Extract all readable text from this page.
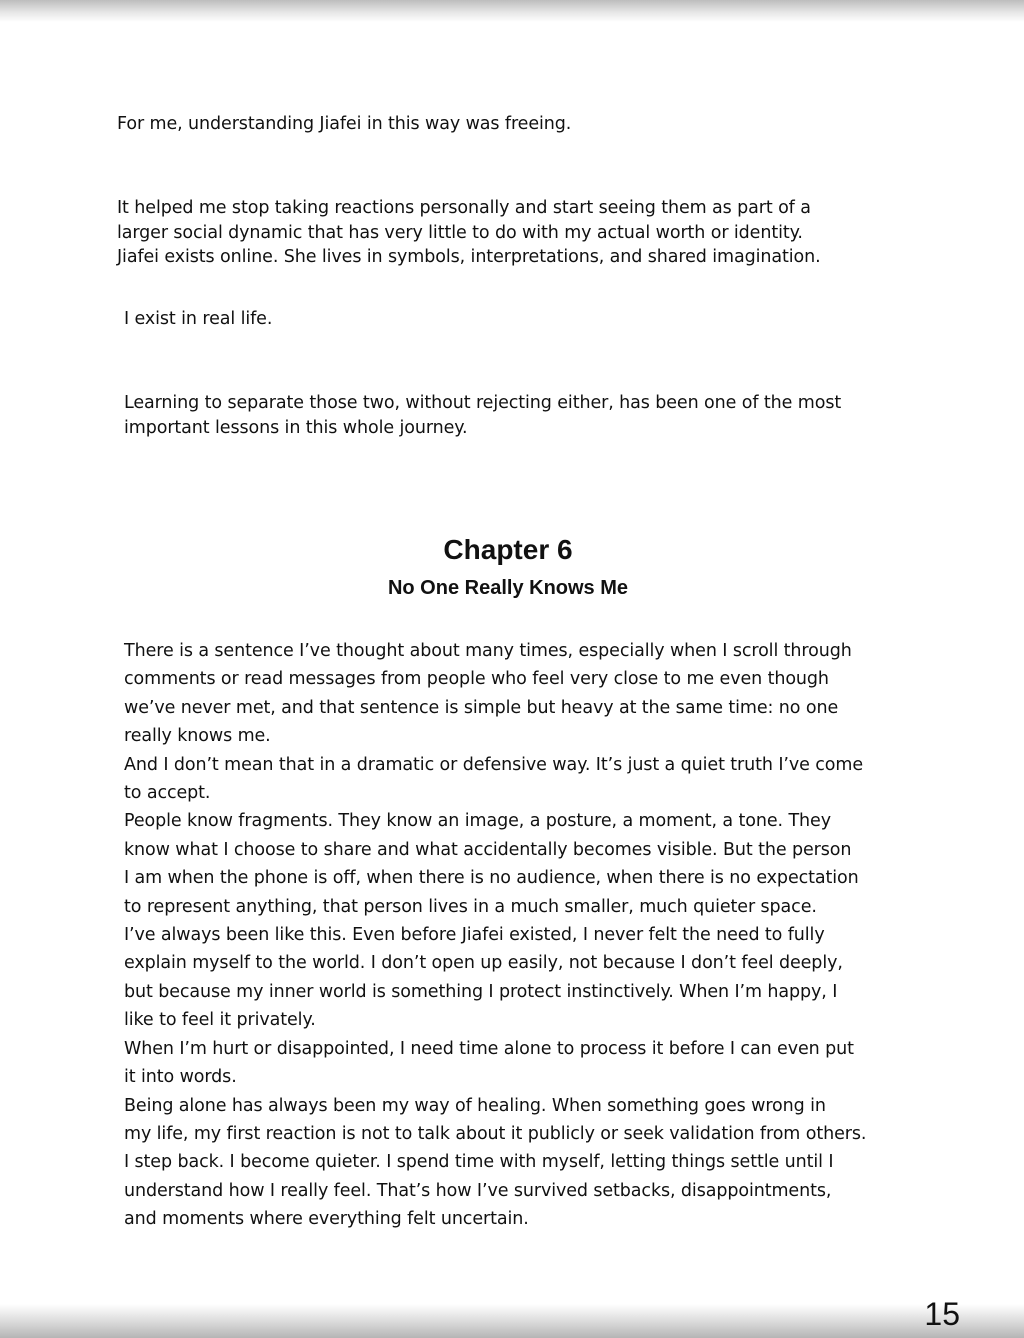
For me, understanding Jiafei in this way was freeing.

It helped me stop taking reactions personally and start seeing them as part of a
larger social dynamic that has very little to do with my actual worth or identity.
Jiafei exists online. She lives in symbols, interpretations, and shared imagination.

I exist in real life.

Learning to separate those two, without rejecting either, has been one of the most
important lessons in this whole journey.

Chapter 6
No One Really Knows Me

There is a sentence I’ve thought about many times, especially when I scroll through
comments or read messages from people who feel very close to me even though
we’ve never met, and that sentence is simple but heavy at the same time: no one
really knows me.
And I don’t mean that in a dramatic or defensive way. It’s just a quiet truth I’ve come
to accept.
People know fragments. They know an image, a posture, a moment, a tone. They
know what I choose to share and what accidentally becomes visible. But the person
I am when the phone is off, when there is no audience, when there is no expectation
to represent anything, that person lives in a much smaller, much quieter space.
I’ve always been like this. Even before Jiafei existed, I never felt the need to fully
explain myself to the world. I don’t open up easily, not because I don’t feel deeply,
but because my inner world is something I protect instinctively. When I’m happy, I
like to feel it privately.
When I’m hurt or disappointed, I need time alone to process it before I can even put
it into words.
Being alone has always been my way of healing. When something goes wrong in
my life, my first reaction is not to talk about it publicly or seek validation from others.
I step back. I become quieter. I spend time with myself, letting things settle until I
understand how I really feel. That’s how I’ve survived setbacks, disappointments,
and moments where everything felt uncertain.

15
